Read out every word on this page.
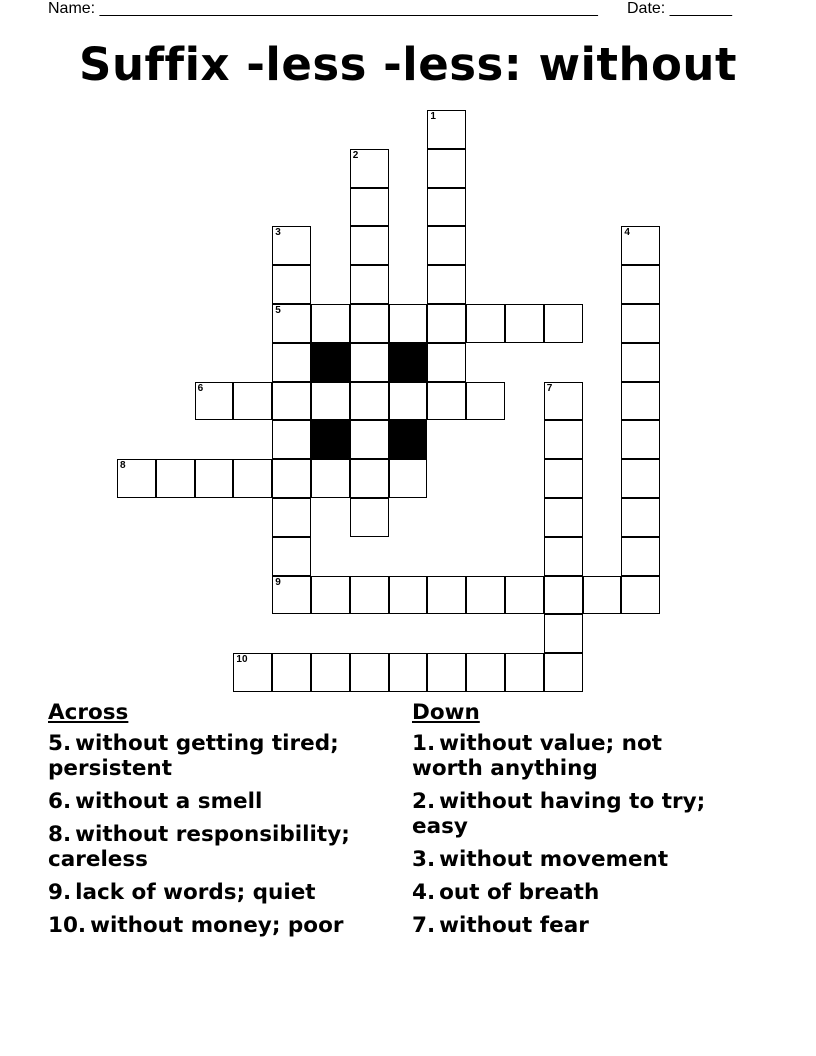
Name: ________________________________________________________ Date: _______
Suffix -less -less: without
1
2
3
5
9
4
6	7
8
10
Across
5. without getting tired; persistent
6. without a smell
8. without responsibility; careless
9. lack of words; quiet
10. without money; poor
Down
1. without value; not worth anything
2. without having to try; easy
3. without movement
4. out of breath
7. without fear
